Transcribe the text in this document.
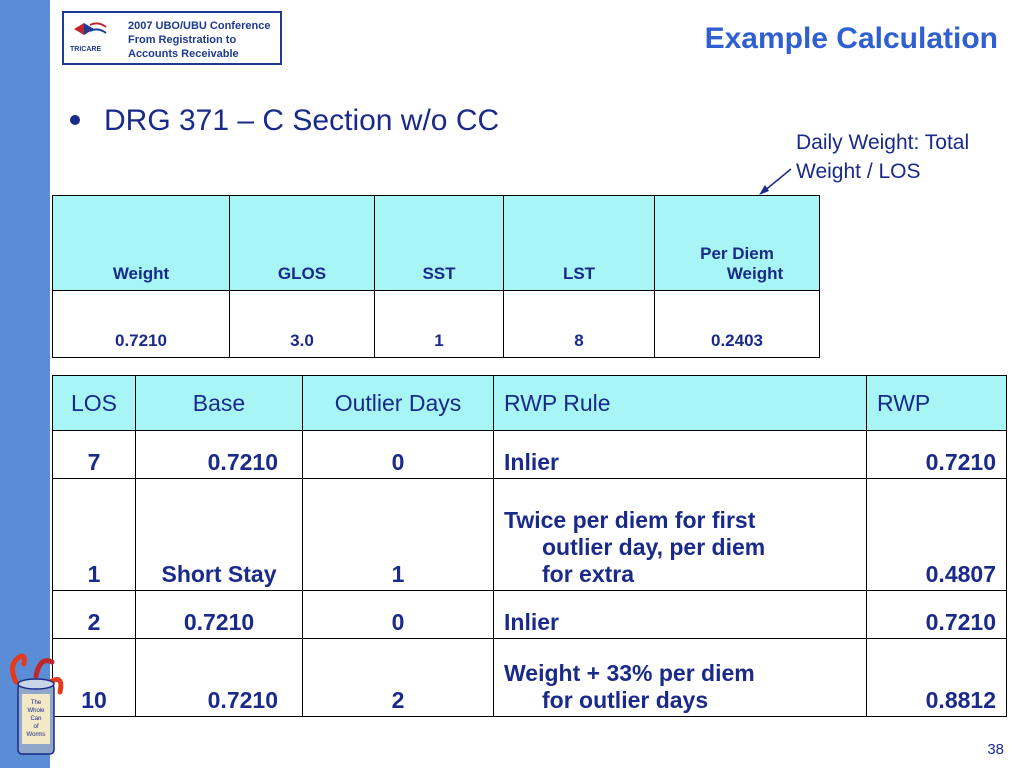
TRICARE
2007 UBO/UBU Conference
From Registration to
Accounts Receivable	Example Calculation
DRG 371 – C Section w/o CC
Daily Weight: Total
Weight / LOS
Weight	GLOS	SST	LST	Per Diem
Weight

0.7210	3.0	1	8	0.2403
LOS	Base	Outlier Days	RWP Rule	RWP
7	0.7210	0	Inlier	0.7210
1	Short Stay	1	Twice per diem for first
outlier day, per diem
for extra	0.4807
2	0.7210	0	Inlier	0.7210
10	0.7210	2	Weight + 33% per diem
for outlier days	0.8812
The
Whole
Can
of
Worms
38
